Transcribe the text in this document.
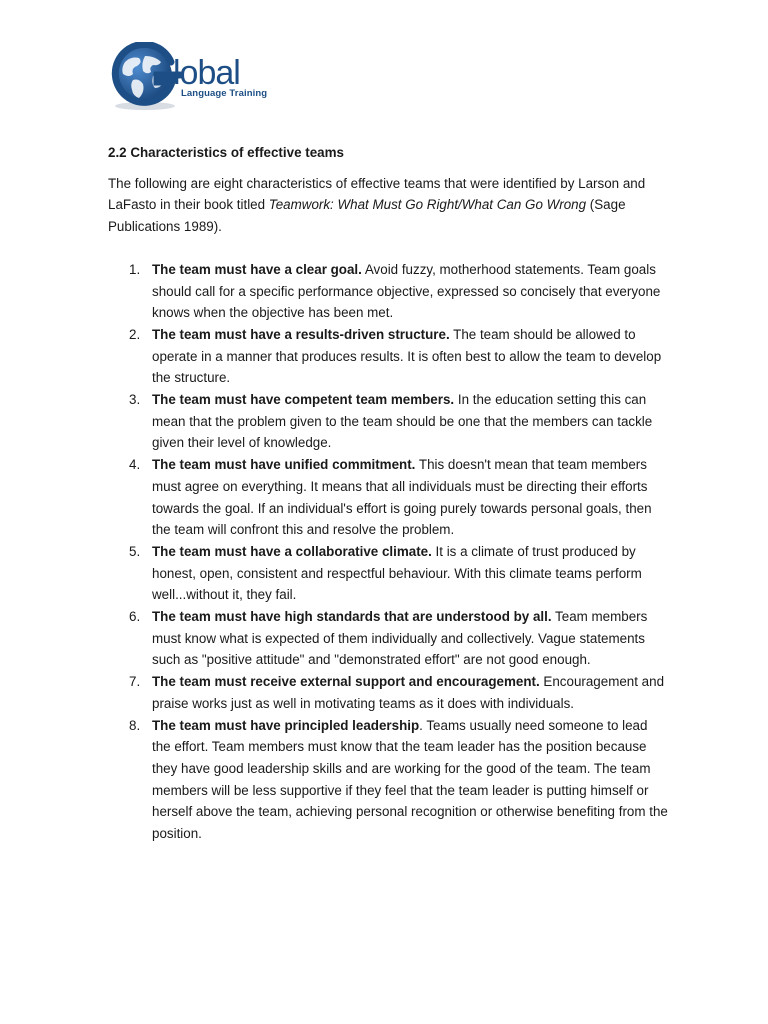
lobal
Language Training
2.2 Characteristics of effective teams

The following are eight characteristics of effective teams that were identified by Larson and LaFasto in their book titled Teamwork: What Must Go Right/What Can Go Wrong (Sage Publications 1989).

1. The team must have a clear goal. Avoid fuzzy, motherhood statements. Team goals should call for a specific performance objective, expressed so concisely that everyone knows when the objective has been met.
2. The team must have a results-driven structure. The team should be allowed to operate in a manner that produces results. It is often best to allow the team to develop the structure.
3. The team must have competent team members. In the education setting this can mean that the problem given to the team should be one that the members can tackle given their level of knowledge.
4. The team must have unified commitment. This doesn't mean that team members must agree on everything. It means that all individuals must be directing their efforts towards the goal. If an individual's effort is going purely towards personal goals, then the team will confront this and resolve the problem.
5. The team must have a collaborative climate. It is a climate of trust produced by honest, open, consistent and respectful behaviour. With this climate teams perform well...without it, they fail.
6. The team must have high standards that are understood by all. Team members must know what is expected of them individually and collectively. Vague statements such as "positive attitude" and "demonstrated effort" are not good enough.
7. The team must receive external support and encouragement. Encouragement and praise works just as well in motivating teams as it does with individuals.
8. The team must have principled leadership. Teams usually need someone to lead the effort. Team members must know that the team leader has the position because they have good leadership skills and are working for the good of the team. The team members will be less supportive if they feel that the team leader is putting himself or herself above the team, achieving personal recognition or otherwise benefiting from the position.
